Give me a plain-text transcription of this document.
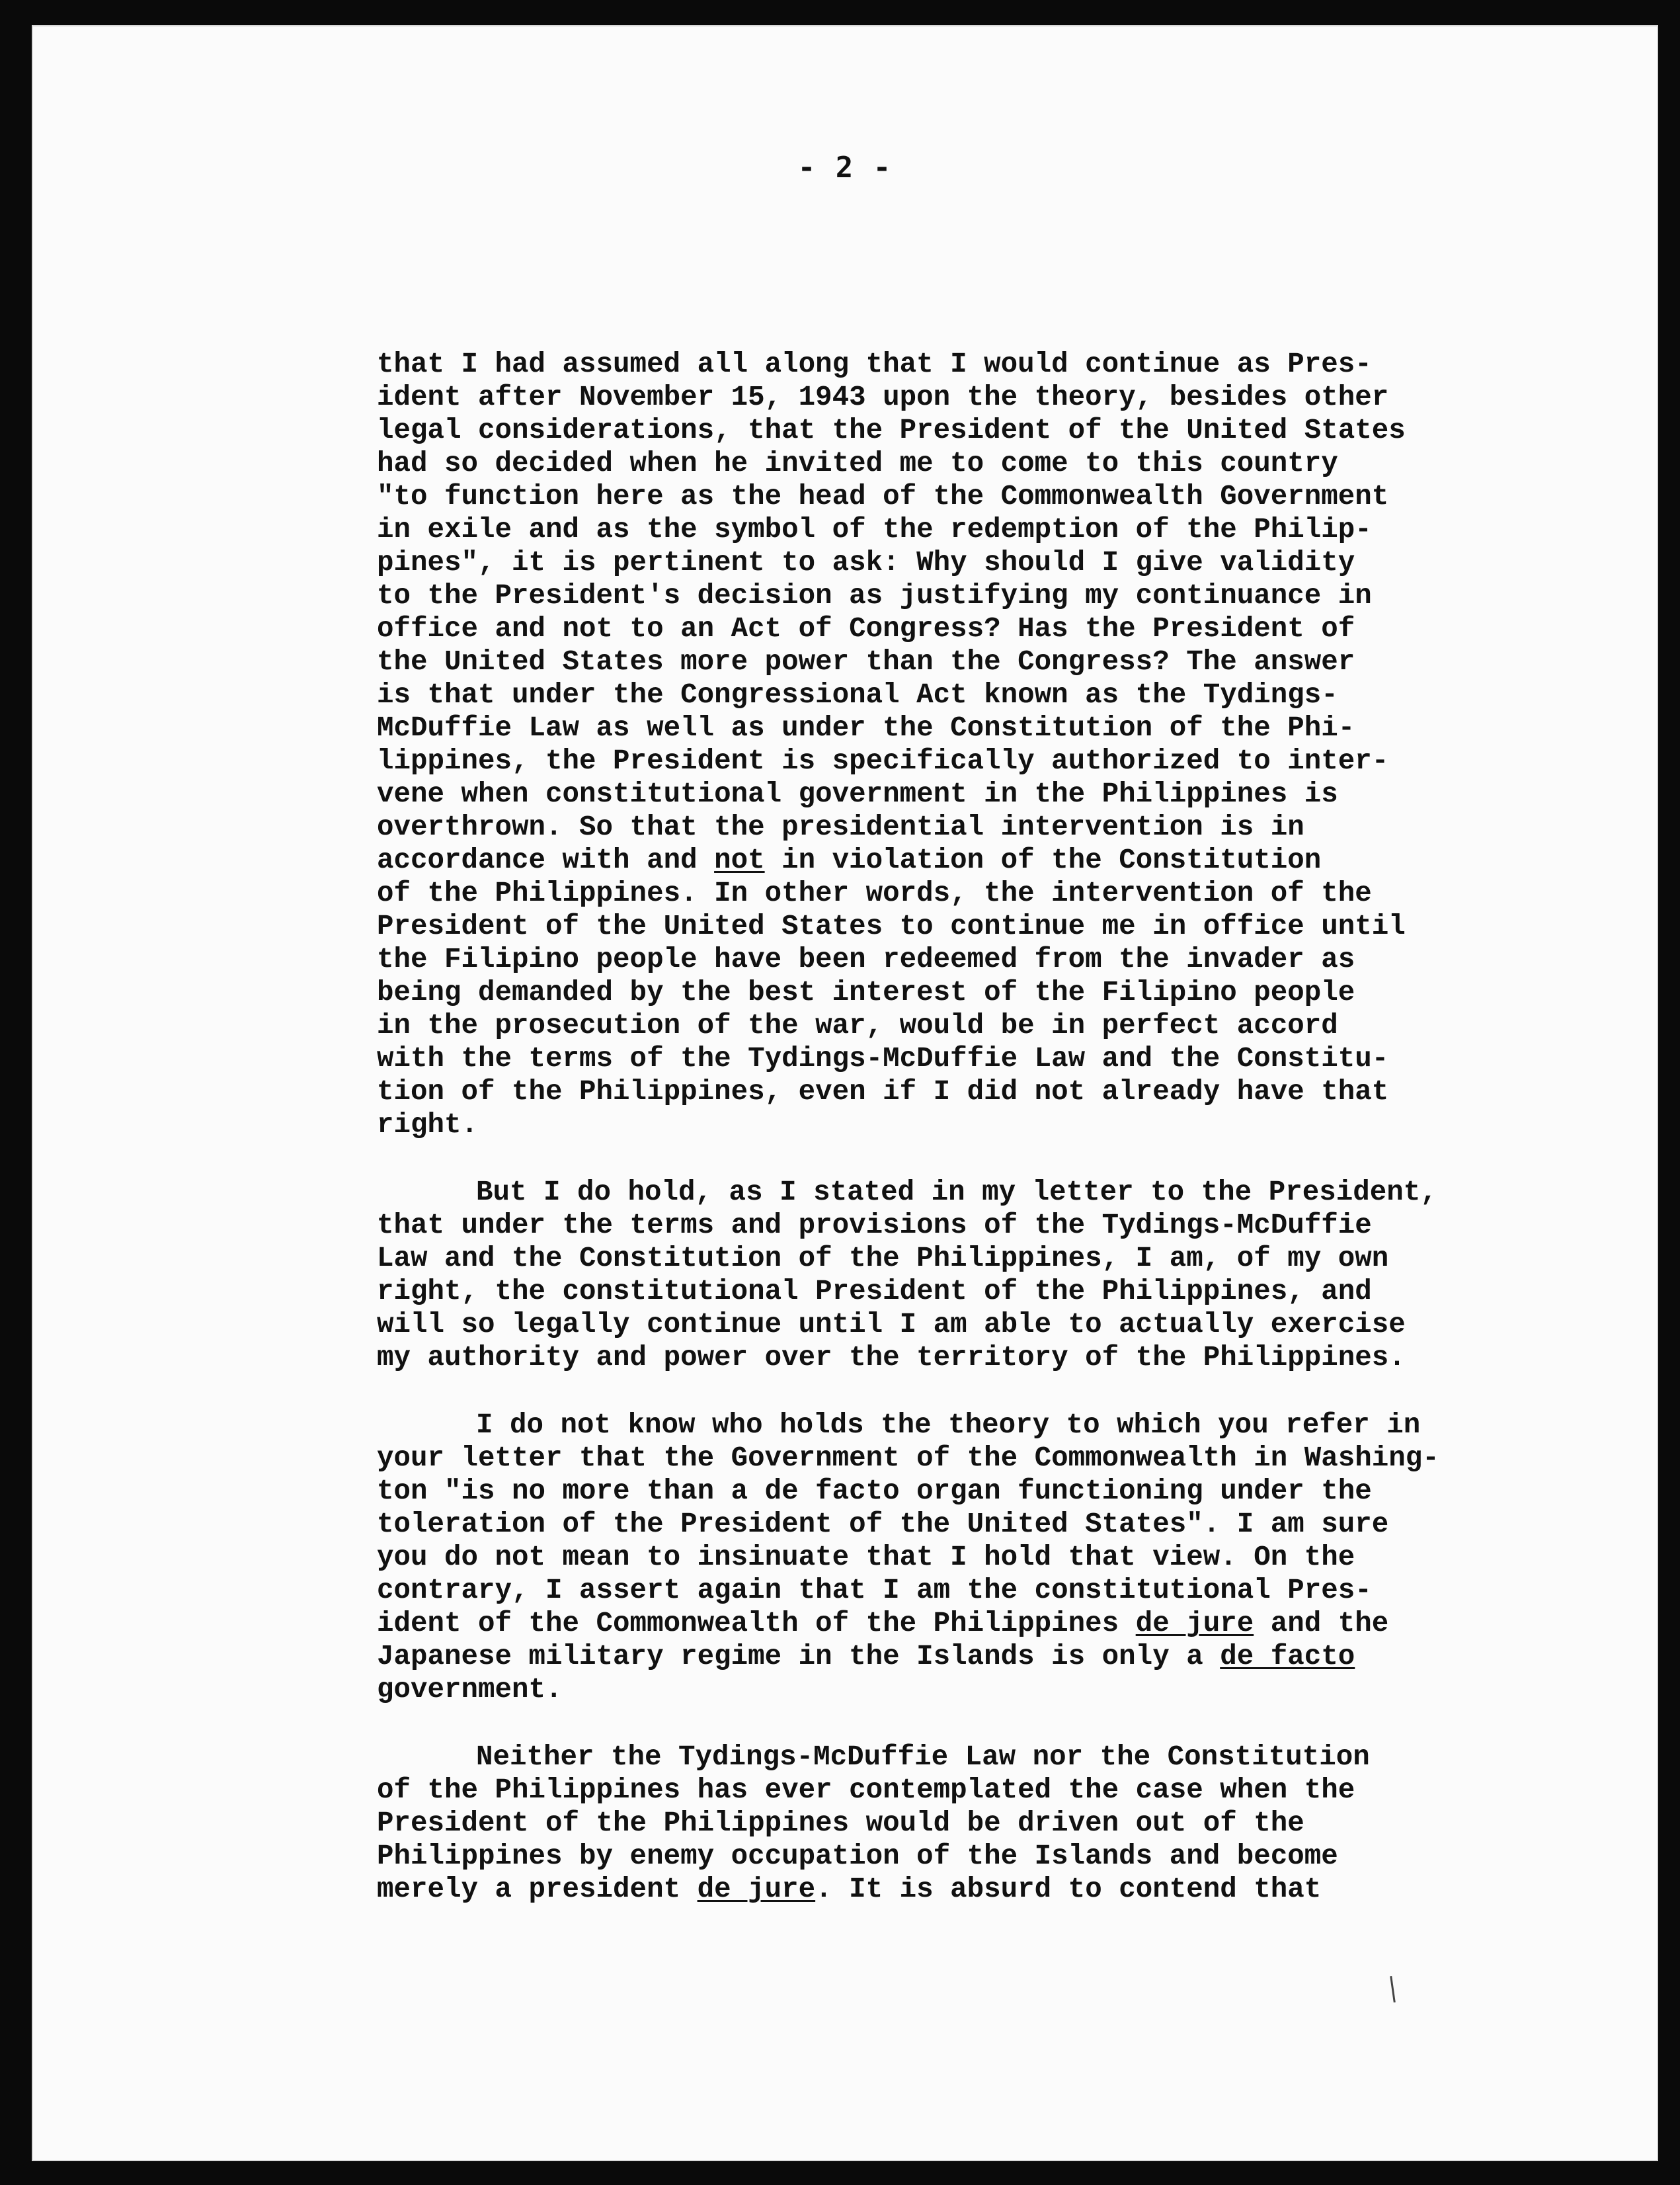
- 2 -
that I had assumed all along that I would continue as Pres-
ident after November 15, 1943 upon the theory, besides other
legal considerations, that the President of the United States
had so decided when he invited me to come to this country
"to function here as the head of the Commonwealth Government
in exile and as the symbol of the redemption of the Philip-
pines", it is pertinent to ask: Why should I give validity
to the President's decision as justifying my continuance in
office and not to an Act of Congress? Has the President of
the United States more power than the Congress? The answer
is that under the Congressional Act known as the Tydings-
McDuffie Law as well as under the Constitution of the Phi-
lippines, the President is specifically authorized to inter-
vene when constitutional government in the Philippines is
overthrown. So that the presidential intervention is in
accordance with and not in violation of the Constitution
of the Philippines. In other words, the intervention of the
President of the United States to continue me in office until
the Filipino people have been redeemed from the invader as
being demanded by the best interest of the Filipino people
in the prosecution of the war, would be in perfect accord
with the terms of the Tydings-McDuffie Law and the Constitu-
tion of the Philippines, even if I did not already have that
right.
But I do hold, as I stated in my letter to the President,
that under the terms and provisions of the Tydings-McDuffie
Law and the Constitution of the Philippines, I am, of my own
right, the constitutional President of the Philippines, and
will so legally continue until I am able to actually exercise
my authority and power over the territory of the Philippines.
I do not know who holds the theory to which you refer in
your letter that the Government of the Commonwealth in Washing-
ton "is no more than a de facto organ functioning under the
toleration of the President of the United States". I am sure
you do not mean to insinuate that I hold that view. On the
contrary, I assert again that I am the constitutional Pres-
ident of the Commonwealth of the Philippines de jure and the
Japanese military regime in the Islands is only a de facto
government.
Neither the Tydings-McDuffie Law nor the Constitution
of the Philippines has ever contemplated the case when the
President of the Philippines would be driven out of the
Philippines by enemy occupation of the Islands and become
merely a president de jure. It is absurd to contend that
